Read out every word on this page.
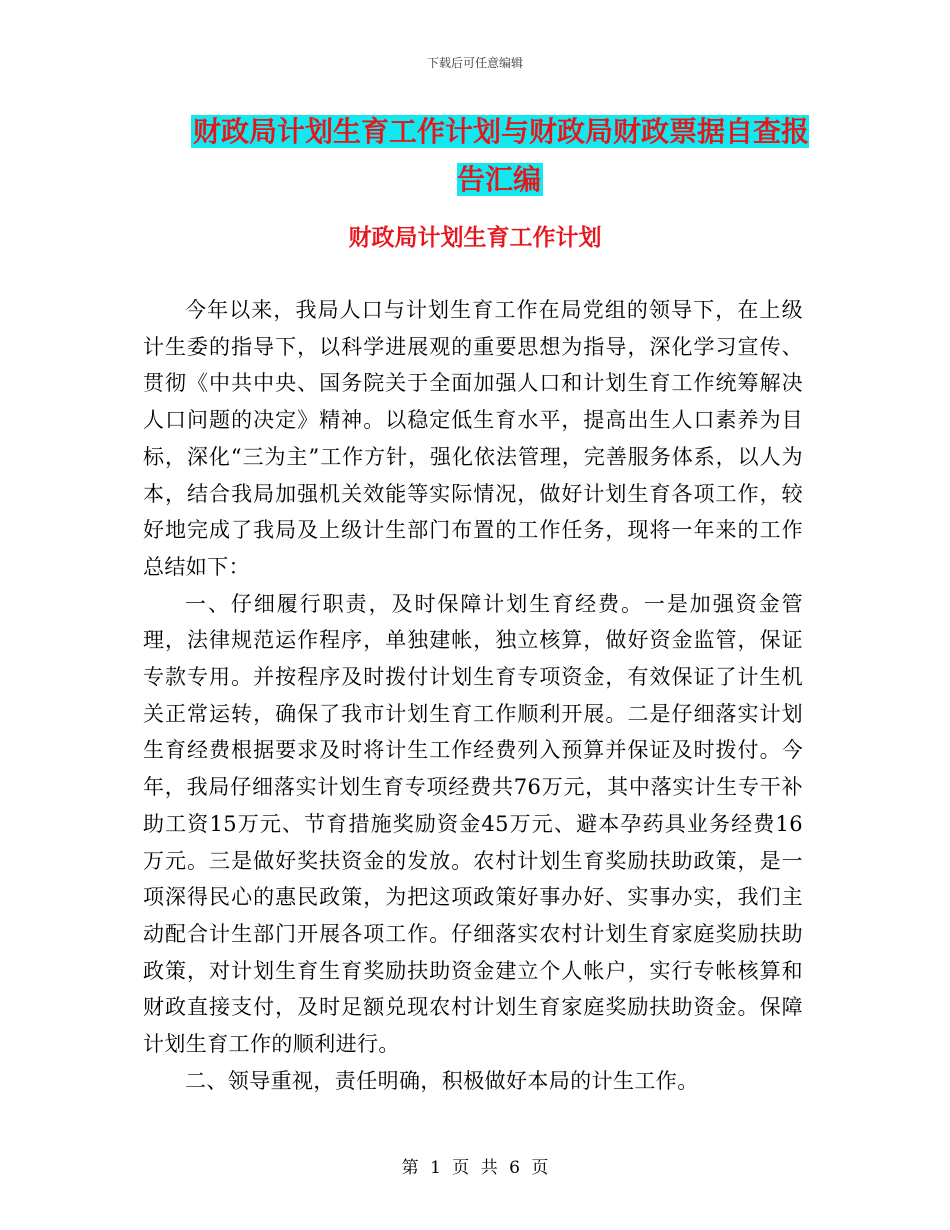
下载后可任意编辑
财政局计划生育工作计划与财政局财政票据自查报告汇编
财政局计划生育工作计划

今年以来，我局人口与计划生育工作在局党组的领导下，在上级计生委的指导下，以科学进展观的重要思想为指导，深化学习宣传、贯彻《中共中央、国务院关于全面加强人口和计划生育工作统筹解决人口问题的决定》精神。以稳定低生育水平，提高出生人口素养为目标，深化“三为主”工作方针，强化依法管理，完善服务体系，以人为本，结合我局加强机关效能等实际情况，做好计划生育各项工作，较好地完成了我局及上级计生部门布置的工作任务，现将一年来的工作总结如下：

一、仔细履行职责，及时保障计划生育经费。一是加强资金管理，法律规范运作程序，单独建帐，独立核算，做好资金监管，保证专款专用。并按程序及时拨付计划生育专项资金，有效保证了计生机关正常运转，确保了我市计划生育工作顺利开展。二是仔细落实计划生育经费根据要求及时将计生工作经费列入预算并保证及时拨付。今年，我局仔细落实计划生育专项经费共76万元，其中落实计生专干补助工资15万元、节育措施奖励资金45万元、避本孕药具业务经费16万元。三是做好奖扶资金的发放。农村计划生育奖励扶助政策，是一项深得民心的惠民政策，为把这项政策好事办好、实事办实，我们主动配合计生部门开展各项工作。仔细落实农村计划生育家庭奖励扶助政策，对计划生育生育奖励扶助资金建立个人帐户，实行专帐核算和财政直接支付，及时足额兑现农村计划生育家庭奖励扶助资金。保障计划生育工作的顺利进行。

二、领导重视，责任明确，积极做好本局的计生工作。

第 1 页 共 6 页
